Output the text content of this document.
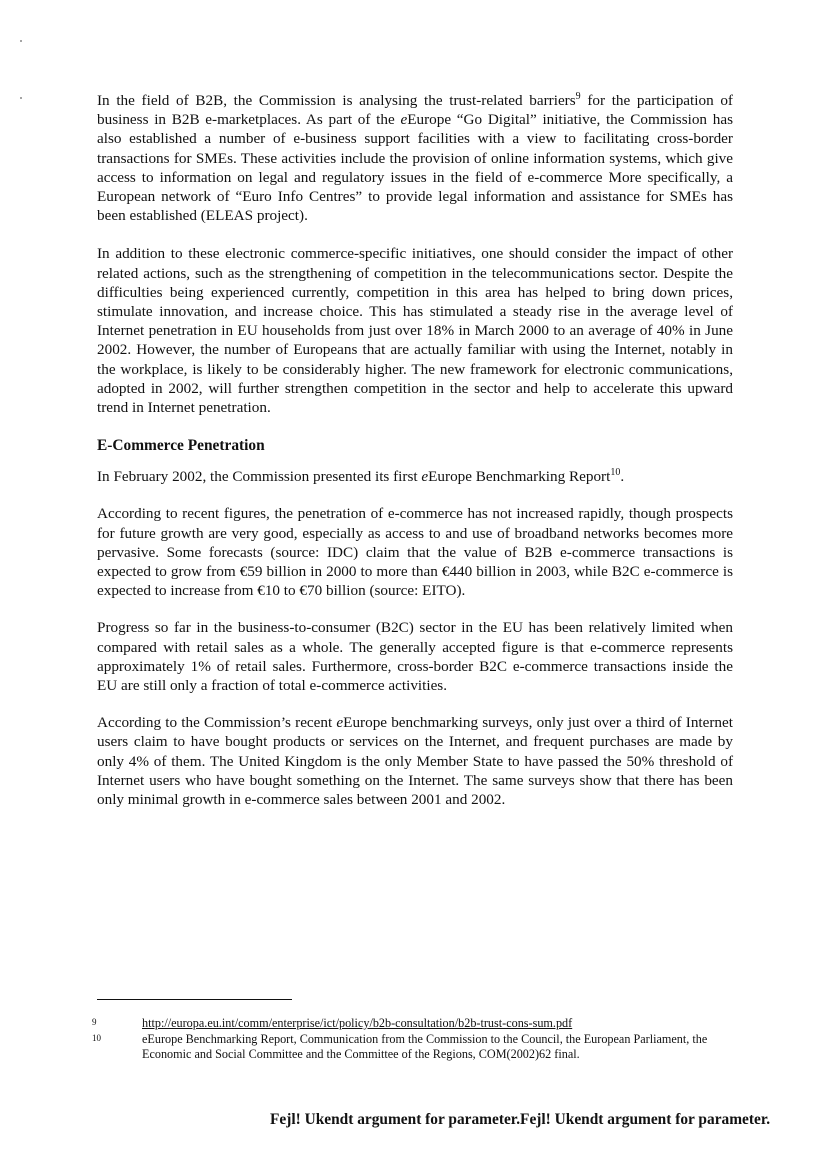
In the field of B2B, the Commission is analysing the trust-related barriers$^9$ for the participation of business in B2B e-marketplaces. As part of the eEurope “Go Digital” initiative, the Commission has also established a number of e-business support facilities with a view to facilitating cross-border transactions for SMEs. These activities include the provision of online information systems, which give access to information on legal and regulatory issues in the field of e-commerce More specifically, a European network of “Euro Info Centres” to provide legal information and assistance for SMEs has been established (ELEAS project).

In addition to these electronic commerce-specific initiatives, one should consider the impact of other related actions, such as the strengthening of competition in the telecommunications sector. Despite the difficulties being experienced currently, competition in this area has helped to bring down prices, stimulate innovation, and increase choice. This has stimulated a steady rise in the average level of Internet penetration in EU households from just over 18% in March 2000 to an average of 40% in June 2002. However, the number of Europeans that are actually familiar with using the Internet, notably in the workplace, is likely to be considerably higher. The new framework for electronic communications, adopted in 2002, will further strengthen competition in the sector and help to accelerate this upward trend in Internet penetration.

E-Commerce Penetration

In February 2002, the Commission presented its first eEurope Benchmarking Report$^{10}$.

According to recent figures, the penetration of e-commerce has not increased rapidly, though prospects for future growth are very good, especially as access to and use of broadband networks becomes more pervasive. Some forecasts (source: IDC) claim that the value of B2B e-commerce transactions is expected to grow from €59 billion in 2000 to more than €440 billion in 2003, while B2C e-commerce is expected to increase from €10 to €70 billion (source: EITO).

Progress so far in the business-to-consumer (B2C) sector in the EU has been relatively limited when compared with retail sales as a whole. The generally accepted figure is that e-commerce represents approximately 1% of retail sales. Furthermore, cross-border B2C e-commerce transactions inside the EU are still only a fraction of total e-commerce activities.

According to the Commission’s recent eEurope benchmarking surveys, only just over a third of Internet users claim to have bought products or services on the Internet, and frequent purchases are made by only 4% of them. The United Kingdom is the only Member State to have passed the 50% threshold of Internet users who have bought something on the Internet. The same surveys show that there has been only minimal growth in e-commerce sales between 2001 and 2002.

9	http://europa.eu.int/comm/enterprise/ict/policy/b2b-consultation/b2b-trust-cons-sum.pdf
10	eEurope Benchmarking Report, Communication from the Commission to the Council, the European Parliament, the Economic and Social Committee and the Committee of the Regions, COM(2002)62 final.
Fejl! Ukendt argument for parameter.Fejl! Ukendt argument for parameter.
